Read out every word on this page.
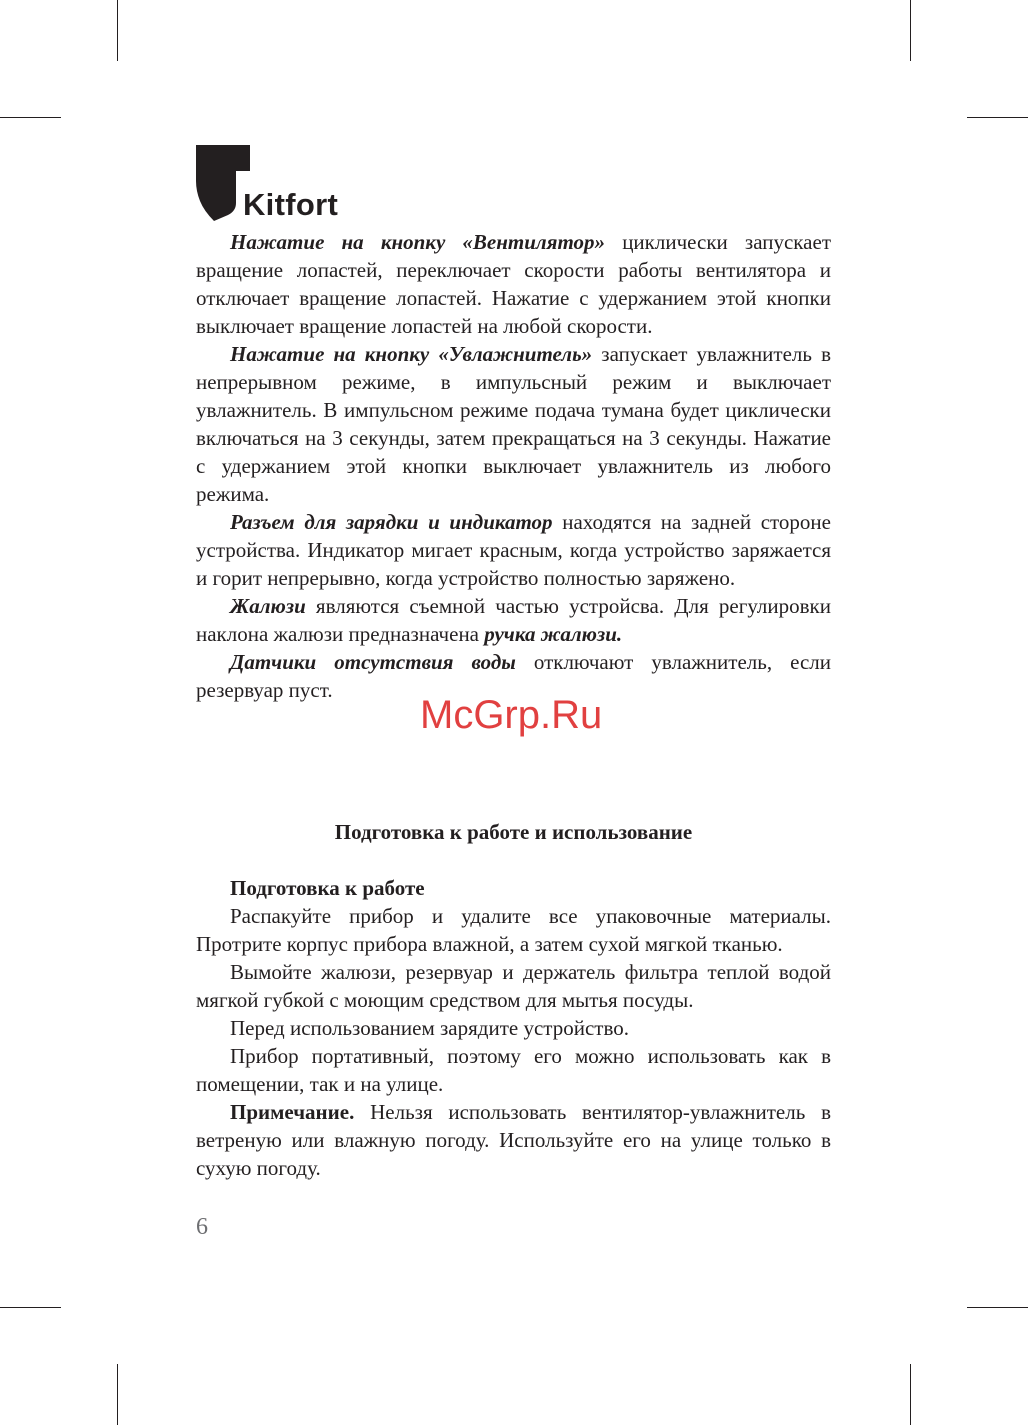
Kitfort

Нажатие на кнопку «Вентилятор» циклически запускает вращение лопастей, переключает скорости работы вентилятора и отключает вращение лопастей. Нажатие с удержанием этой кнопки выключает вращение лопастей на любой скорости.

Нажатие на кнопку «Увлажнитель» запускает увлажнитель в непрерывном режиме, в импульсный режим и выключает увлажнитель. В импульсном режиме подача тумана будет циклически включаться на 3 секунды, затем прекращаться на 3 секунды. Нажатие с удержанием этой кнопки выключает увлажнитель из любого режима.

Разъем для зарядки и индикатор находятся на задней стороне устройства. Индикатор мигает красным, когда устройство заряжается и горит непрерывно, когда устройство полностью заряжено.

Жалюзи являются съемной частью устройсва. Для регулировки наклона жалюзи предназначена ручка жалюзи.

Датчики отсутствия воды отключают увлажнитель, если резервуар пуст.

McGrp.Ru
Подготовка к работе и использование

Подготовка к работе

Распакуйте прибор и удалите все упаковочные материалы. Протрите корпус прибора влажной, а затем сухой мягкой тканью.

Вымойте жалюзи, резервуар и держатель фильтра теплой водой мягкой губкой с моющим средством для мытья посуды.

Перед использованием зарядите устройство.

Прибор портативный, поэтому его можно использовать как в помещении, так и на улице.

Примечание. Нельзя использовать вентилятор-увлажнитель в ветреную или влажную погоду. Используйте его на улице только в сухую погоду.

6
